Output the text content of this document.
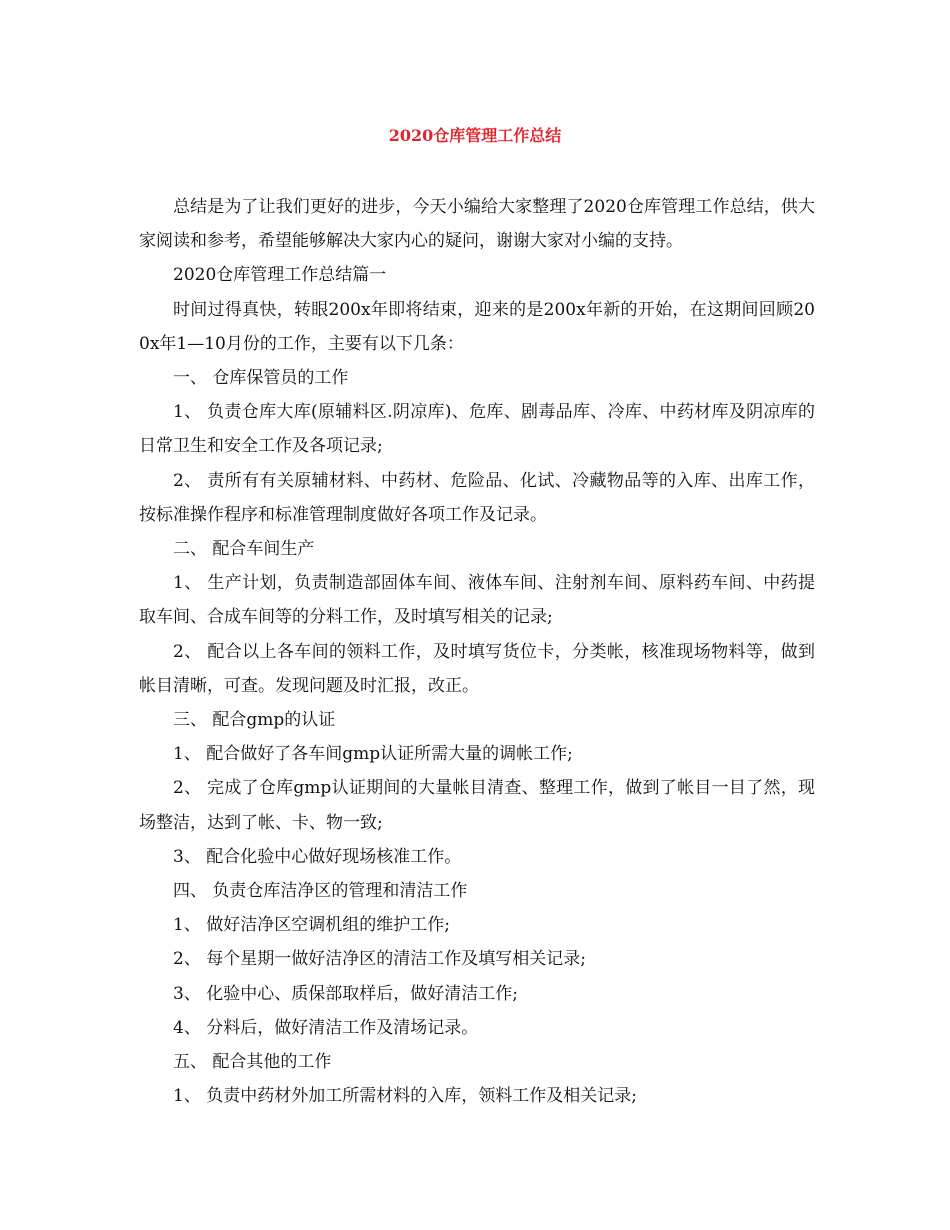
2020仓库管理工作总结

总结是为了让我们更好的进步，今天小编给大家整理了2020仓库管理工作总结，供大家阅读和参考，希望能够解决大家内心的疑问，谢谢大家对小编的支持。

2020仓库管理工作总结篇一

时间过得真快，转眼200x年即将结束，迎来的是200x年新的开始，在这期间回顾200x年1—10月份的工作，主要有以下几条：

一、 仓库保管员的工作

1、 负责仓库大库(原辅料区.阴凉库)、危库、剧毒品库、冷库、中药材库及阴凉库的日常卫生和安全工作及各项记录;

2、 责所有有关原辅材料、中药材、危险品、化试、冷藏物品等的入库、出库工作，按标准操作程序和标准管理制度做好各项工作及记录。

二、 配合车间生产

1、 生产计划，负责制造部固体车间、液体车间、注射剂车间、原料药车间、中药提取车间、合成车间等的分料工作，及时填写相关的记录;

2、 配合以上各车间的领料工作，及时填写货位卡，分类帐，核准现场物料等，做到帐目清晰，可查。发现问题及时汇报，改正。

三、 配合gmp的认证

1、 配合做好了各车间gmp认证所需大量的调帐工作;

2、 完成了仓库gmp认证期间的大量帐目清查、整理工作，做到了帐目一目了然，现场整洁，达到了帐、卡、物一致;

3、 配合化验中心做好现场核准工作。

四、 负责仓库洁净区的管理和清洁工作

1、 做好洁净区空调机组的维护工作;

2、 每个星期一做好洁净区的清洁工作及填写相关记录;

3、 化验中心、质保部取样后，做好清洁工作;

4、 分料后，做好清洁工作及清场记录。

五、 配合其他的工作

1、 负责中药材外加工所需材料的入库，领料工作及相关记录;
